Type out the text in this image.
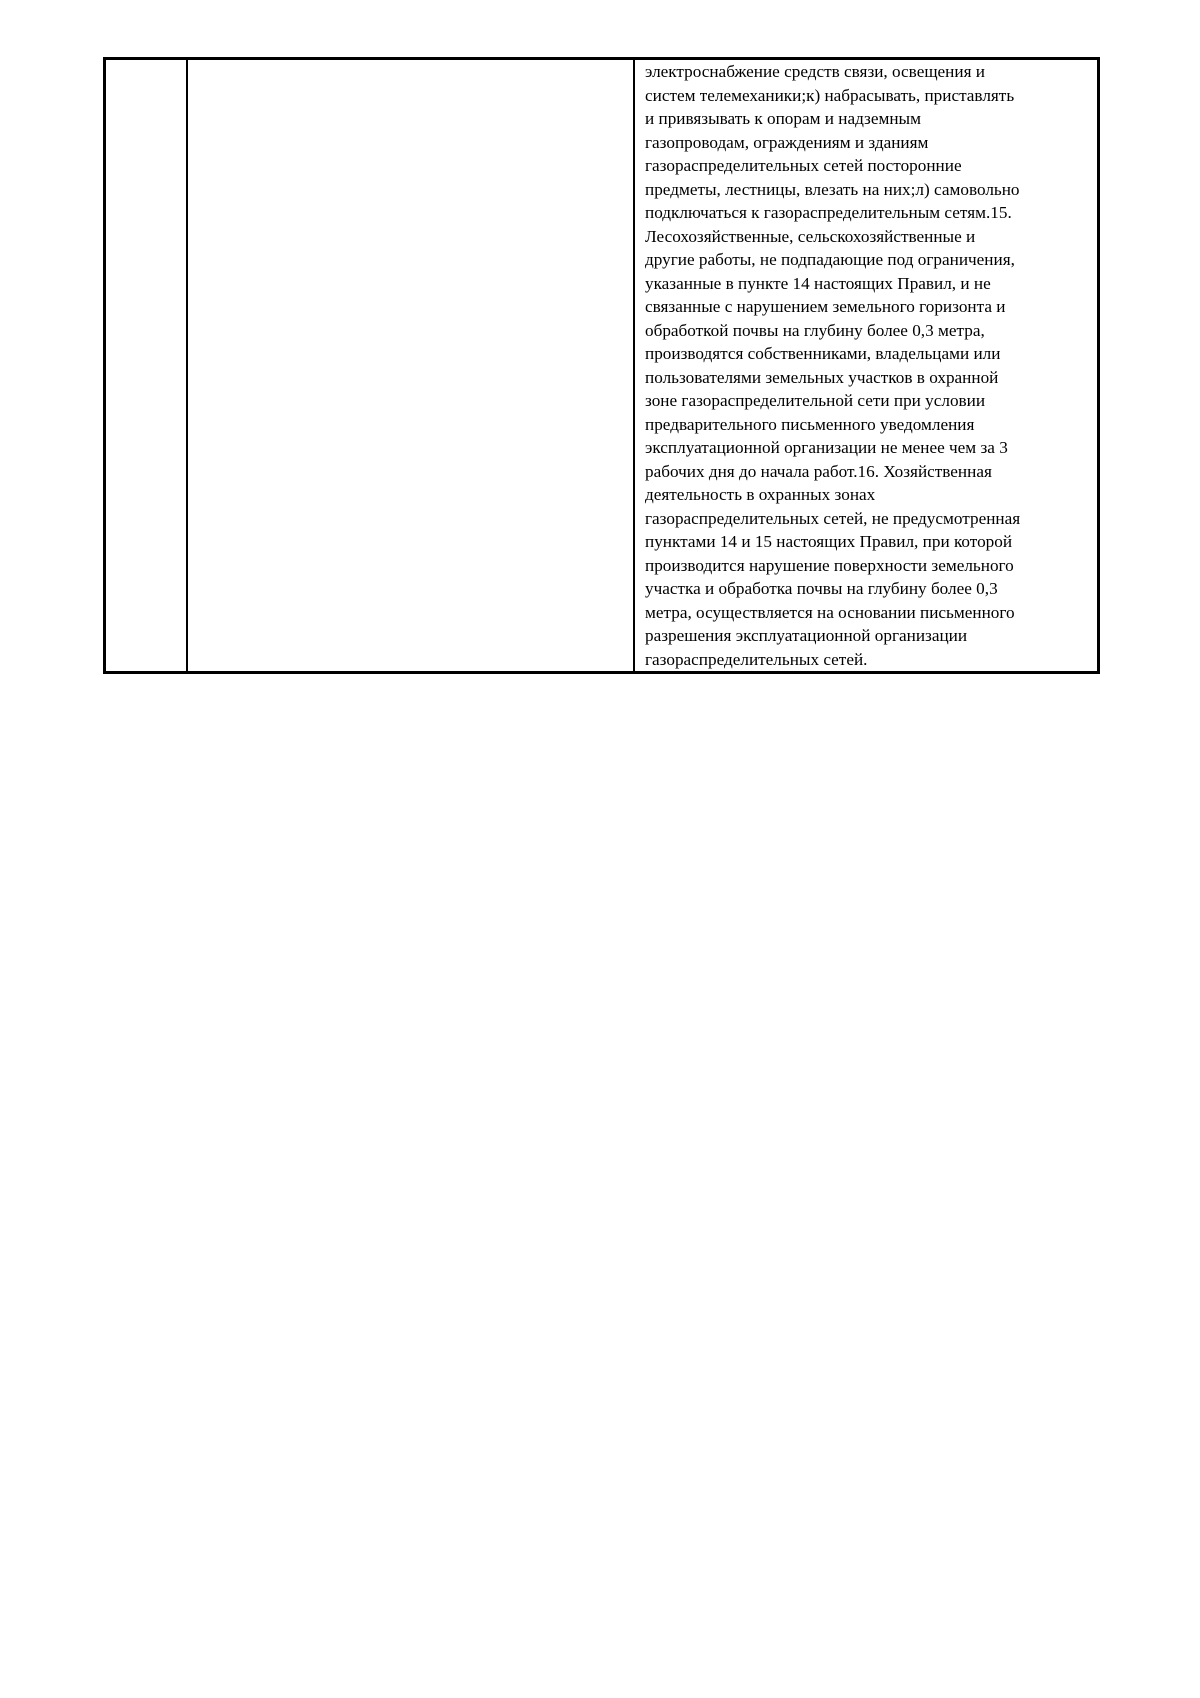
электроснабжение средств связи, освещения и
систем телемеханики;к) набрасывать, приставлять
и привязывать к опорам и надземным
газопроводам, ограждениям и зданиям
газораспределительных сетей посторонние
предметы, лестницы, влезать на них;л) самовольно
подключаться к газораспределительным сетям.15.
Лесохозяйственные, сельскохозяйственные и
другие работы, не подпадающие под ограничения,
указанные в пункте 14 настоящих Правил, и не
связанные с нарушением земельного горизонта и
обработкой почвы на глубину более 0,3 метра,
производятся собственниками, владельцами или
пользователями земельных участков в охранной
зоне газораспределительной сети при условии
предварительного письменного уведомления
эксплуатационной организации не менее чем за 3
рабочих дня до начала работ.16. Хозяйственная
деятельность в охранных зонах
газораспределительных сетей, не предусмотренная
пунктами 14 и 15 настоящих Правил, при которой
производится нарушение поверхности земельного
участка и обработка почвы на глубину более 0,3
метра, осуществляется на основании письменного
разрешения эксплуатационной организации
газораспределительных сетей.
